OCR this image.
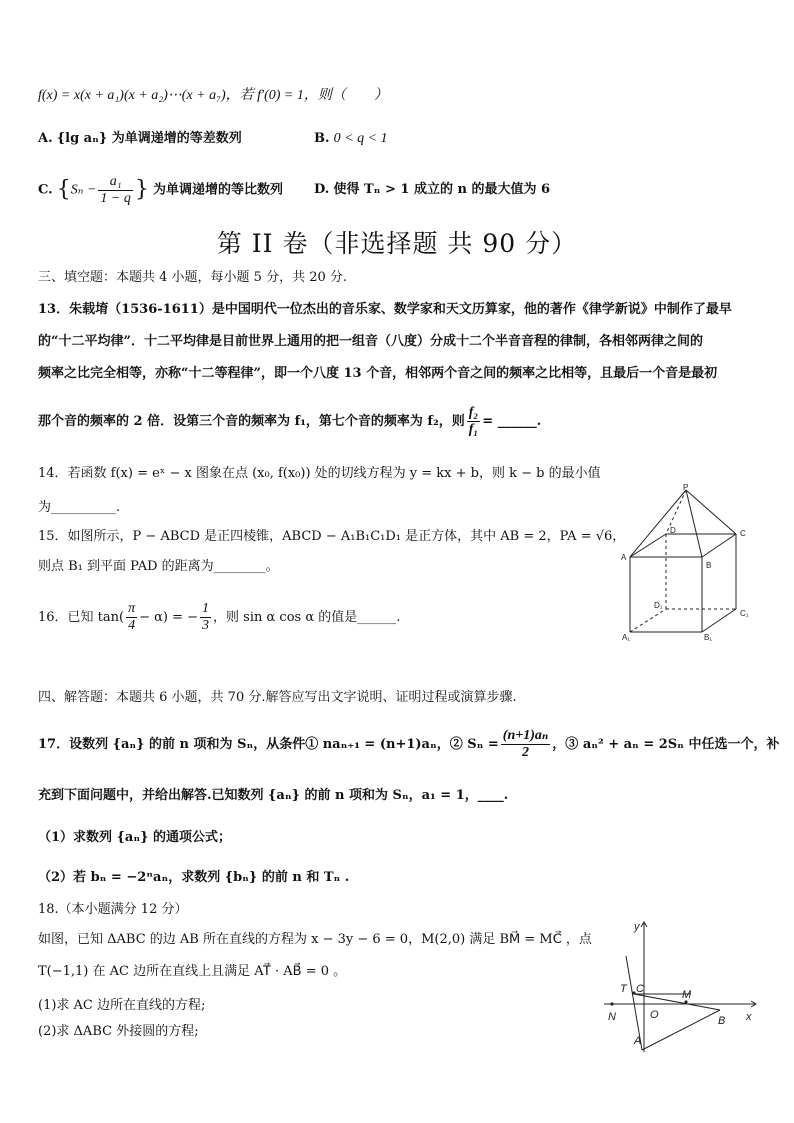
f(x) = x(x + a₁)(x + a₂)⋯(x + a₇)，若 f′(0) = 1，则（　　）
A. {lg aₙ} 为单调递增的等差数列	B. 0 < q < 1
C. {$S_n - \frac{\text{a₁}}{1 - q}$ } 为单调递增的等比数列 D. 使得 Tₙ > 1 成立的 n 的最大值为 6
第 II 卷（非选择题 共 90 分）
三、填空题：本题共 4 小题，每小题 5 分，共 20 分.
13．朱载堉（1536-1611）是中国明代一位杰出的音乐家、数学家和天文历算家，他的著作《律学新说》中制作了最早
的“十二平均律”．十二平均律是目前世界上通用的把一组音（八度）分成十二个半音音程的律制，各相邻两律之间的
频率之比完全相等，亦称“十二等程律”，即一个八度 13 个音，相邻两个音之间的频率之比相等，且最后一个音是最初
那个音的频率的 2 倍．设第三个音的频率为 f₁，第七个音的频率为 f₂，则 $\frac{\text{f₂}}{\text{f₁}}$ = ______.
14．若函数 f(x) = eˣ − x 图象在点 (x₀, f(x₀)) 处的切线方程为 y = kx + b，则 k − b 的最小值
为__________.
15．如图所示，P − ABCD 是正四棱锥，ABCD − A₁B₁C₁D₁ 是正方体，其中 AB = 2，PA = √6，
则点 B₁ 到平面 PAD 的距离为________。
16．已知 $\tan( \frac{\pi}{4} - \alpha)$ = − $\frac{1}{3}$ ，则 sin α cos α 的值是______.
P
A
B
C
D
A₁	B₁
C₁
D₁
四、解答题：本题共 6 小题，共 70 分.解答应写出文字说明、证明过程或演算步骤.
17．设数列 {aₙ} 的前 n 项和为 Sₙ，从条件① naₙ₊₁ = (n+1)aₙ，② $S_n = \frac{\text{(n+1)aₙ}}{2}$ ，③ aₙ² + aₙ = 2Sₙ 中任选一个，补
充到下面问题中，并给出解答.已知数列 {aₙ} 的前 n 项和为 Sₙ，a₁ = 1，____.
（1）求数列 {aₙ} 的通项公式；
（2）若 bₙ = −2ⁿaₙ，求数列 {bₙ} 的前 n 和 Tₙ .
18.（本小题满分 12 分）
如图，已知 ΔABC 的边 AB 所在直线的方程为 x − 3y − 6 = 0，M(2,0) 满足 BM⃗ = MC⃗ ，点
T(−1,1) 在 AC 边所在直线上且满足 AT⃗ · AB⃗ = 0 。
(1)求 AC 边所在直线的方程;
(2)求 ΔABC 外接圆的方程;
y
x
T C	M
N	O	B
A
